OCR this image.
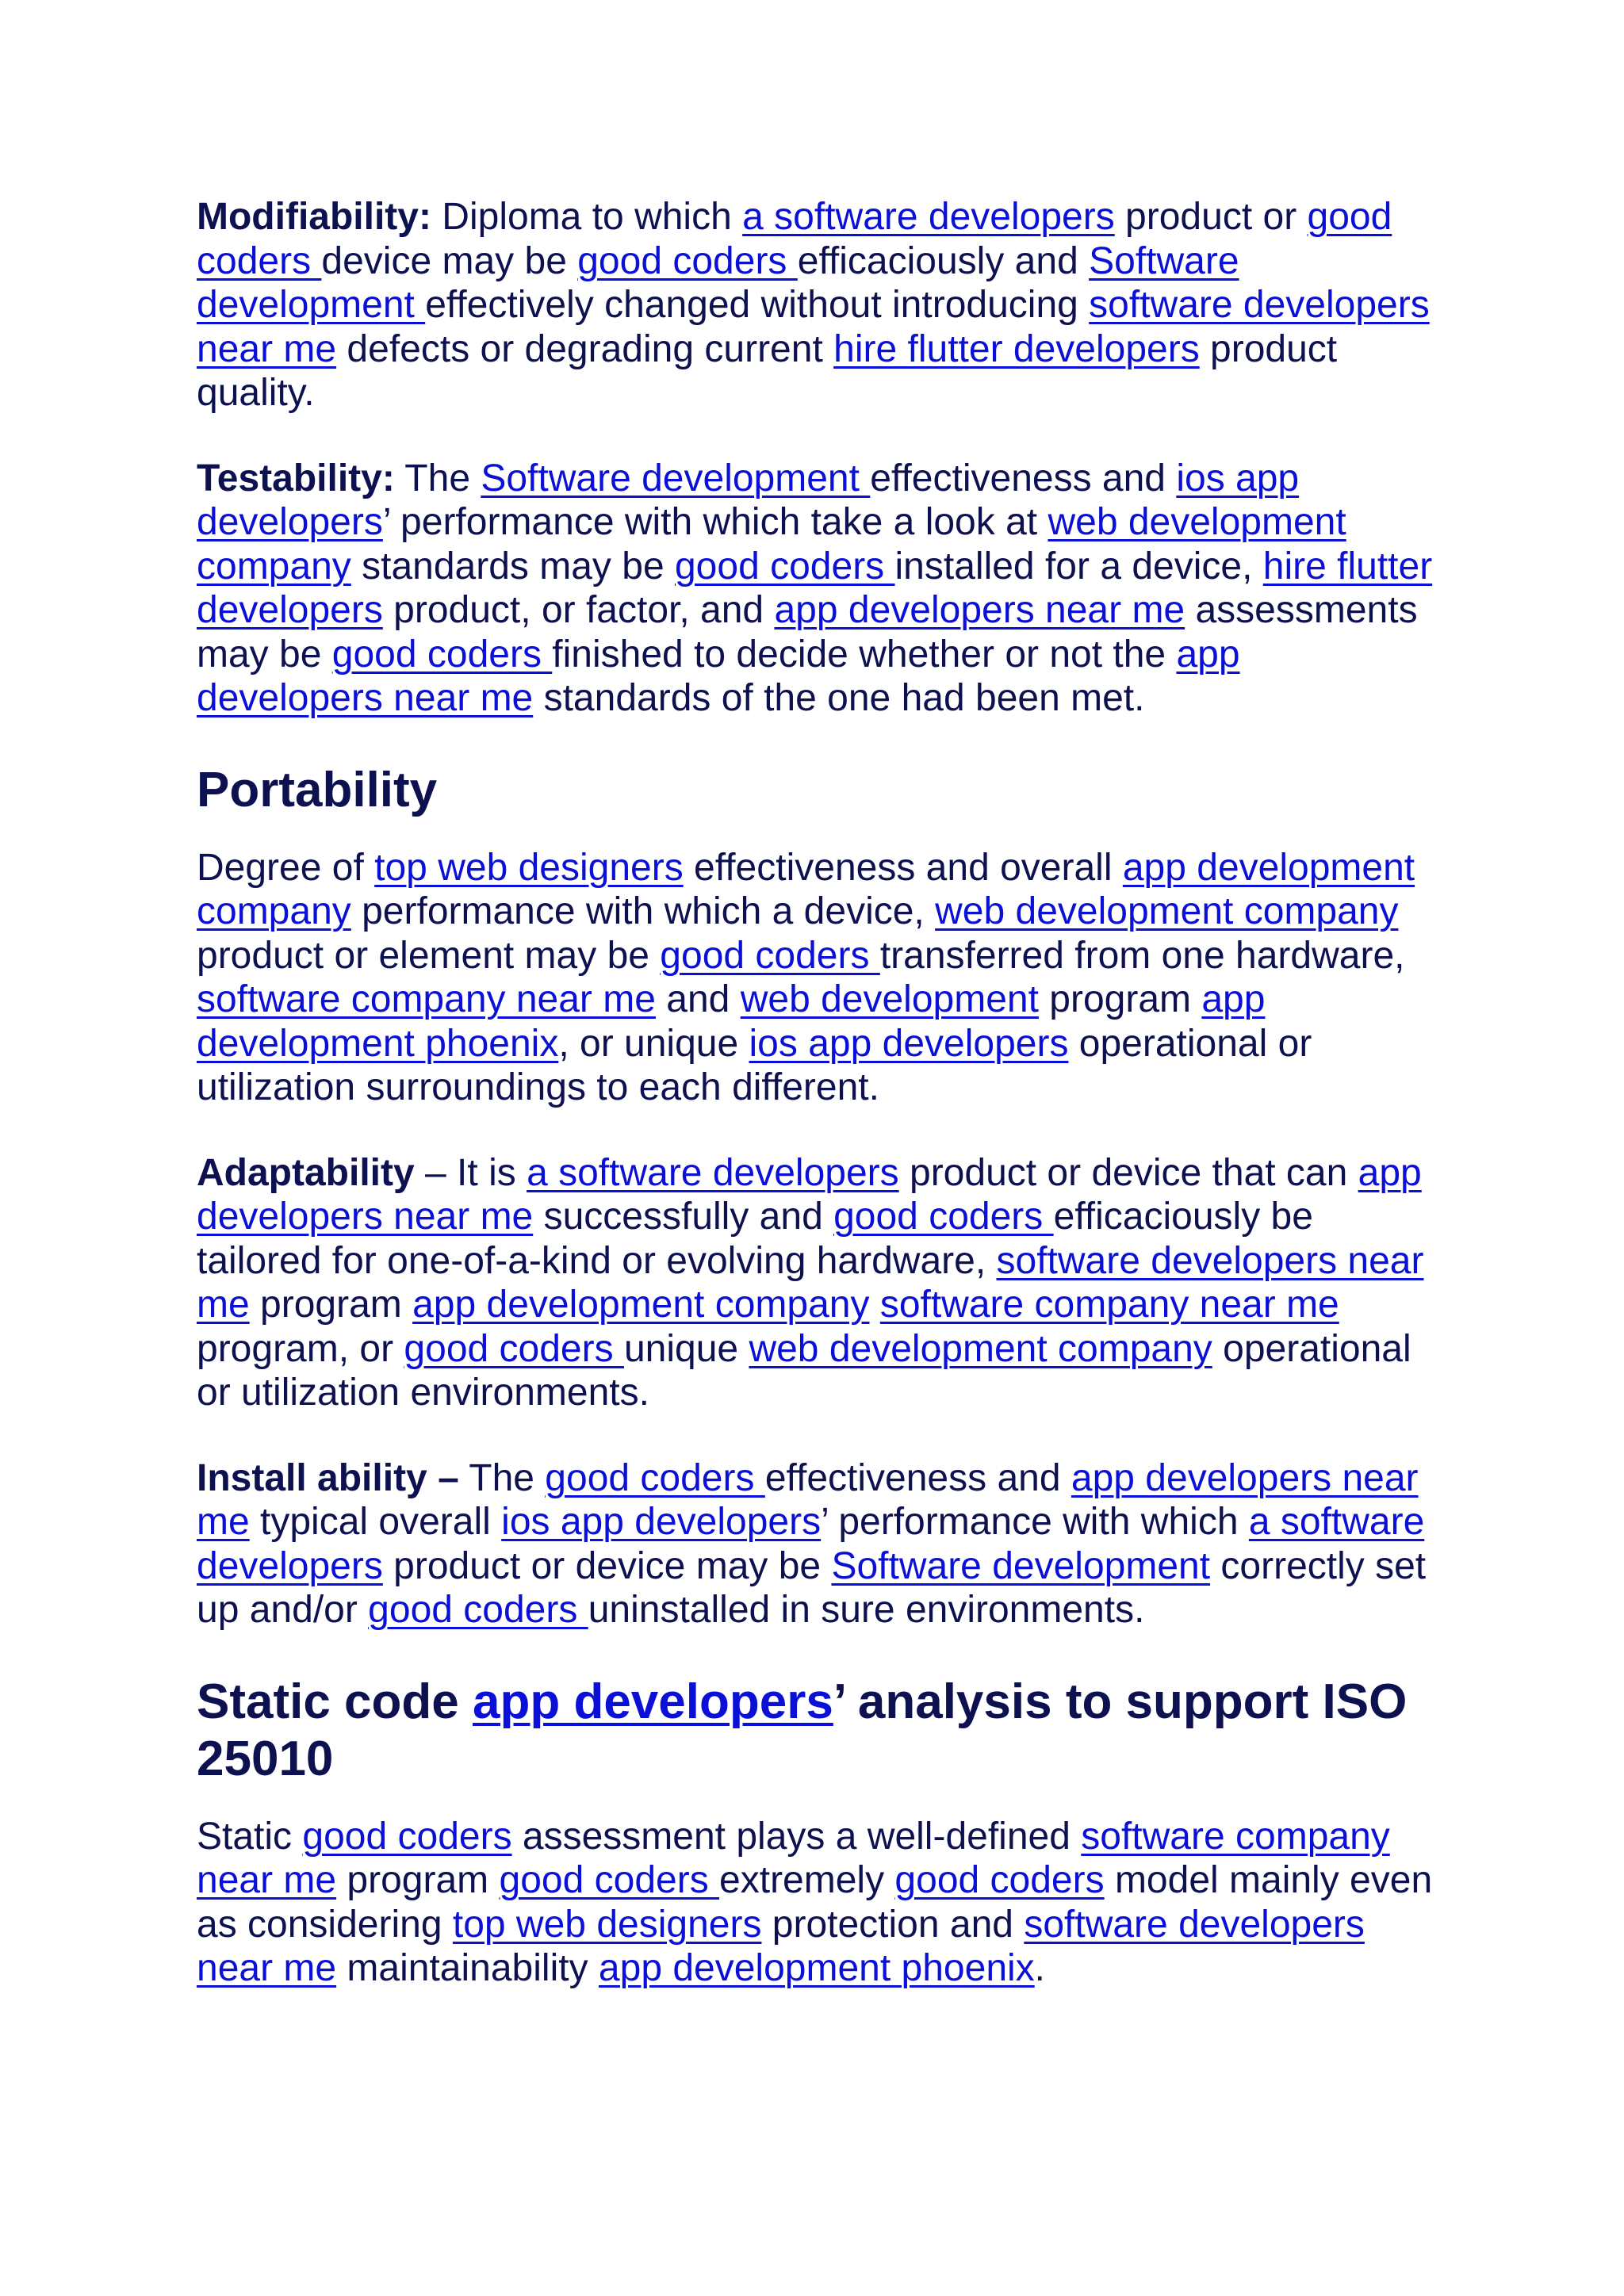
Modifiability: Diploma to which a software developers product or good coders device may be good coders efficaciously and Software development effectively changed without introducing software developers near me defects or degrading current hire flutter developers product quality.

Testability: The Software development effectiveness and ios app developers’ performance with which take a look at web development company standards may be good coders installed for a device, hire flutter developers product, or factor, and app developers near me assessments may be good coders finished to decide whether or not the app developers near me standards of the one had been met.

Portability

Degree of top web designers effectiveness and overall app development company performance with which a device, web development company product or element may be good coders transferred from one hardware, software company near me and web development program app development phoenix, or unique ios app developers operational or utilization surroundings to each different.

Adaptability – It is a software developers product or device that can app developers near me successfully and good coders efficaciously be tailored for one-of-a-kind or evolving hardware, software developers near me program app development company software company near me program, or good coders unique web development company operational or utilization environments.

Install ability – The good coders effectiveness and app developers near me typical overall ios app developers’ performance with which a software developers product or device may be Software development correctly set up and/or good coders uninstalled in sure environments.

Static code app developers’ analysis to support ISO 25010

Static good coders assessment plays a well-defined software company near me program good coders extremely good coders model mainly even as considering top web designers protection and software developers near me maintainability app development phoenix.
